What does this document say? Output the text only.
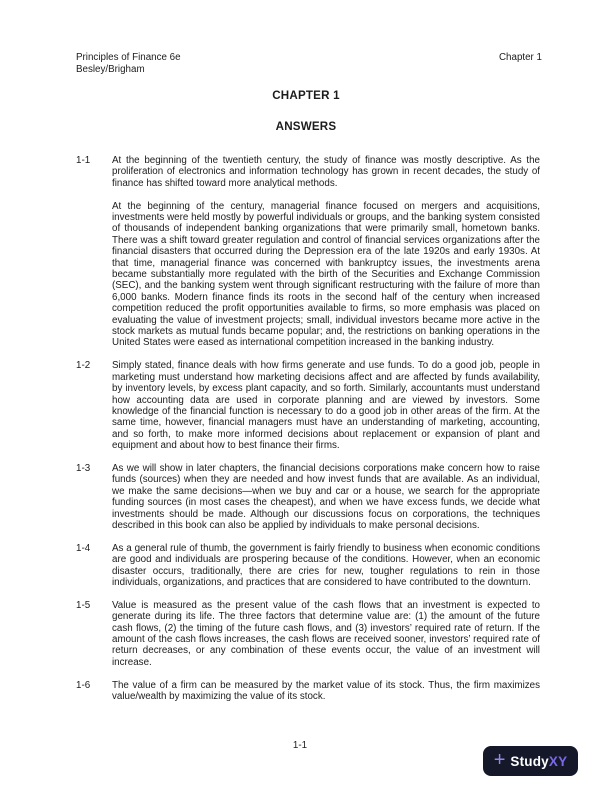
Principles of Finance 6e
Besley/Brigham
Chapter 1
CHAPTER 1
ANSWERS
1-1	At the beginning of the twentieth century, the study of finance was mostly descriptive. As the proliferation of electronics and information technology has grown in recent decades, the study of finance has shifted toward more analytical methods.

At the beginning of the century, managerial finance focused on mergers and acquisitions, investments were held mostly by powerful individuals or groups, and the banking system consisted of thousands of independent banking organizations that were primarily small, hometown banks. There was a shift toward greater regulation and control of financial services organizations after the financial disasters that occurred during the Depression era of the late 1920s and early 1930s. At that time, managerial finance was concerned with bankruptcy issues, the investments arena became substantially more regulated with the birth of the Securities and Exchange Commission (SEC), and the banking system went through significant restructuring with the failure of more than 6,000 banks. Modern finance finds its roots in the second half of the century when increased competition reduced the profit opportunities available to firms, so more emphasis was placed on evaluating the value of investment projects; small, individual investors became more active in the stock markets as mutual funds became popular; and, the restrictions on banking operations in the United States were eased as international competition increased in the banking industry.

1-2	Simply stated, finance deals with how firms generate and use funds. To do a good job, people in marketing must understand how marketing decisions affect and are affected by funds availability, by inventory levels, by excess plant capacity, and so forth. Similarly, accountants must understand how accounting data are used in corporate planning and are viewed by investors. Some knowledge of the financial function is necessary to do a good job in other areas of the firm. At the same time, however, financial managers must have an understanding of marketing, accounting, and so forth, to make more informed decisions about replacement or expansion of plant and equipment and about how to best finance their firms.

1-3	As we will show in later chapters, the financial decisions corporations make concern how to raise funds (sources) when they are needed and how invest funds that are available. As an individual, we make the same decisions—when we buy and car or a house, we search for the appropriate funding sources (in most cases the cheapest), and when we have excess funds, we decide what investments should be made. Although our discussions focus on corporations, the techniques described in this book can also be applied by individuals to make personal decisions.

1-4	As a general rule of thumb, the government is fairly friendly to business when economic conditions are good and individuals are prospering because of the conditions. However, when an economic disaster occurs, traditionally, there are cries for new, tougher regulations to rein in those individuals, organizations, and practices that are considered to have contributed to the downturn.

1-5	Value is measured as the present value of the cash flows that an investment is expected to generate during its life. The three factors that determine value are: (1) the amount of the future cash flows, (2) the timing of the future cash flows, and (3) investors’ required rate of return. If the amount of the cash flows increases, the cash flows are received sooner, investors’ required rate of return decreases, or any combination of these events occur, the value of an investment will increase.

1-6	The value of a firm can be measured by the market value of its stock. Thus, the firm maximizes value/wealth by maximizing the value of its stock.

1-1
+ StudyXY
